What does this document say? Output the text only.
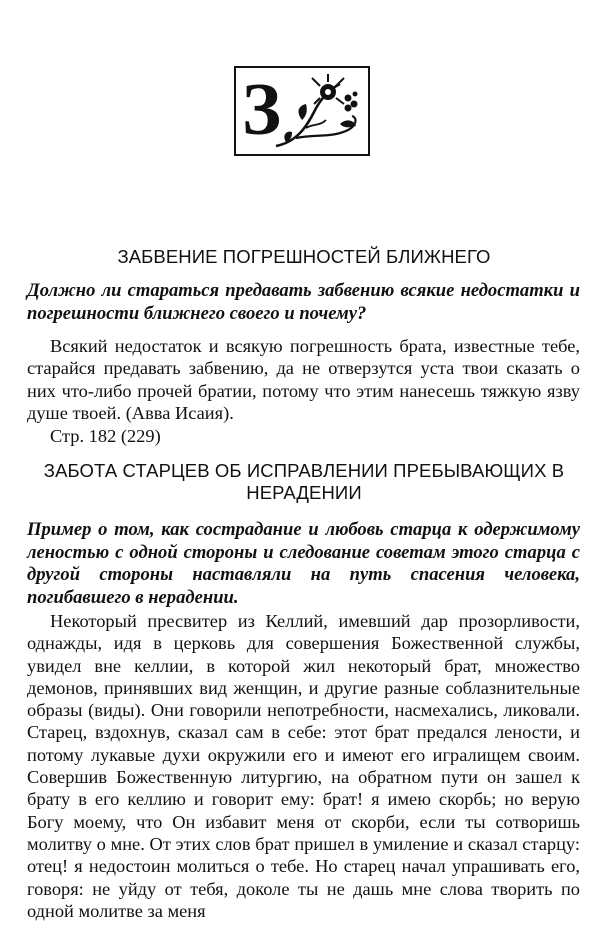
З
ЗАБВЕНИЕ ПОГРЕШНОСТЕЙ БЛИЖНЕГО
Должно ли стараться предавать забвению всякие недостатки и погрешности ближнего своего и почему?
Всякий недостаток и всякую погрешность брата, известные тебе, старайся предавать забвению, да не отверзутся уста твои сказать о них что-либо прочей братии, потому что этим нанесешь тяжкую язву душе твоей. (Авва Исаия).
Стр. 182 (229)
ЗАБОТА СТАРЦЕВ ОБ ИСПРАВЛЕНИИ ПРЕБЫВАЮЩИХ В НЕРАДЕНИИ
Пример о том, как сострадание и любовь старца к одержимому леностью с одной стороны и следование советам этого старца с другой стороны наставляли на путь спасения человека, погибавшего в нерадении.
Некоторый пресвитер из Келлий, имевший дар прозорливости, однажды, идя в церковь для совершения Божественной службы, увидел вне келлии, в которой жил некоторый брат, множество демонов, принявших вид женщин, и другие разные соблазнительные образы (виды). Они говорили непотребности, насмехались, ликовали. Старец, вздохнув, сказал сам в себе: этот брат предался лености, и потому лукавые духи окружили его и имеют его игралищем своим. Совершив Божественную литургию, на обратном пути он зашел к брату в его келлию и говорит ему: брат! я имею скорбь; но верую Богу моему, что Он избавит меня от скорби, если ты сотворишь молитву о мне. От этих слов брат пришел в умиление и сказал старцу: отец! я недостоин молиться о тебе. Но старец начал упрашивать его, говоря: не уйду от тебя, доколе ты не дашь мне слова творить по одной молитве за меня
